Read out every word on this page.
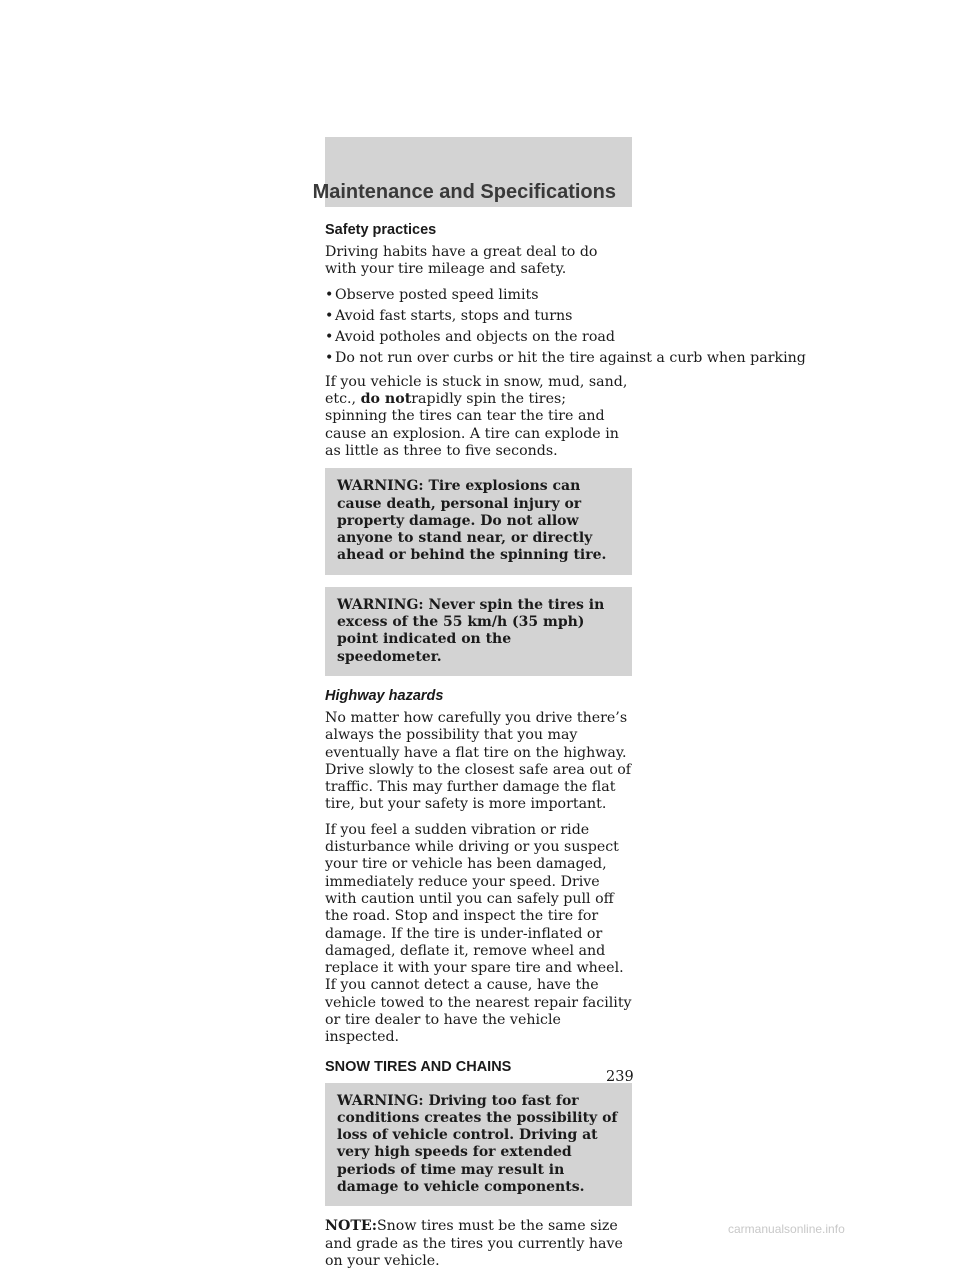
Maintenance and Specifications
Safety practices

Driving habits have a great deal to do with your tire mileage and safety.

• Observe posted speed limits
• Avoid fast starts, stops and turns
• Avoid potholes and objects on the road
• Do not run over curbs or hit the tire against a curb when parking

If you vehicle is stuck in snow, mud, sand, etc., do notrapidly spin the tires; spinning the tires can tear the tire and cause an explosion. A tire can explode in as little as three to five seconds.

WARNING: Tire explosions can cause death, personal injury or property damage. Do not allow anyone to stand near, or directly ahead or behind the spinning tire.
WARNING: Never spin the tires in excess of the 55 km/h (35 mph) point indicated on the speedometer.
Highway hazards

No matter how carefully you drive there’s always the possibility that you may eventually have a flat tire on the highway. Drive slowly to the closest safe area out of traffic. This may further damage the flat tire, but your safety is more important.

If you feel a sudden vibration or ride disturbance while driving or you suspect your tire or vehicle has been damaged, immediately reduce your speed. Drive with caution until you can safely pull off the road. Stop and inspect the tire for damage. If the tire is under-inflated or damaged, deflate it, remove wheel and replace it with your spare tire and wheel. If you cannot detect a cause, have the vehicle towed to the nearest repair facility or tire dealer to have the vehicle inspected.

SNOW TIRES AND CHAINS
WARNING: Driving too fast for conditions creates the possibility of loss of vehicle control. Driving at very high speeds for extended periods of time may result in damage to vehicle components.

NOTE:Snow tires must be the same size and grade as the tires you currently have on your vehicle.

239
carmanualsonline.info
